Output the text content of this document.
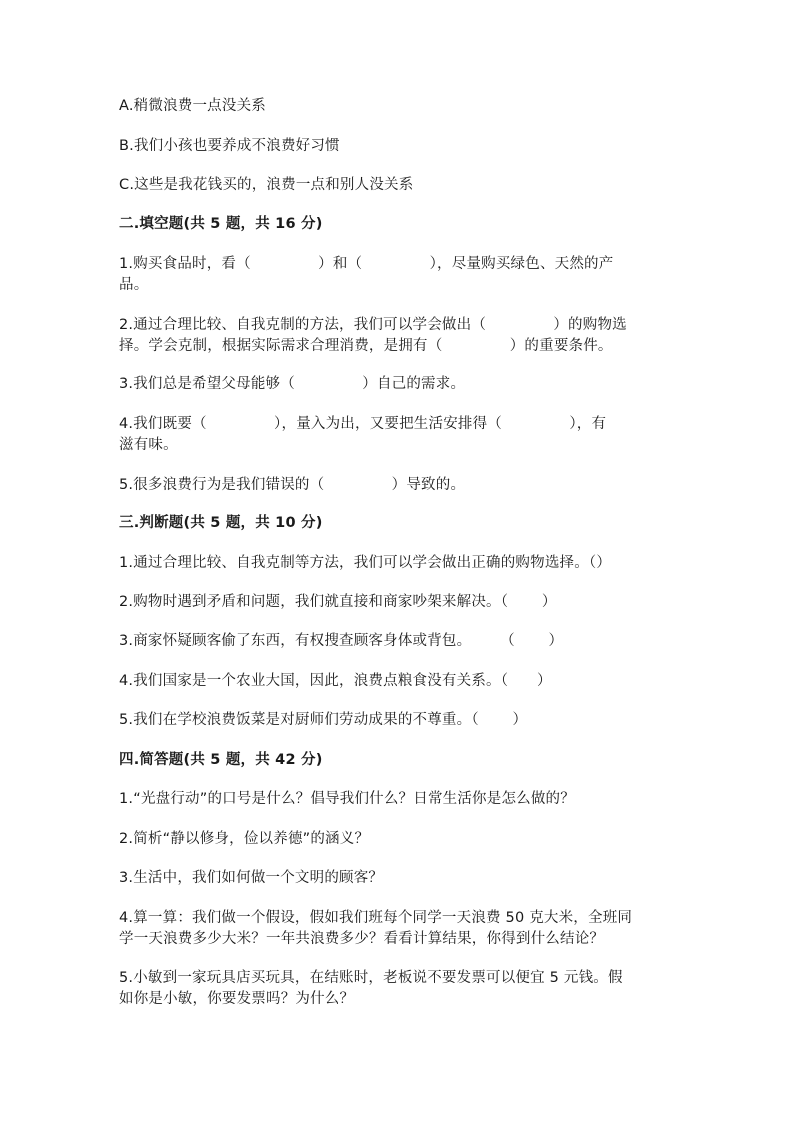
A.稍微浪费一点没关系
B.我们小孩也要养成不浪费好习惯
C.这些是我花钱买的，浪费一点和别人没关系
二.填空题(共 5 题，共 16 分)
1.购买食品时，看（              ）和（              ），尽量购买绿色、天然的产
品。
2.通过合理比较、自我克制的方法，我们可以学会做出（              ）的购物选
择。学会克制，根据实际需求合理消费，是拥有（              ）的重要条件。
3.我们总是希望父母能够（              ）自己的需求。
4.我们既要（              ），量入为出，又要把生活安排得（              ），有
滋有味。
5.很多浪费行为是我们错误的（              ）导致的。
三.判断题(共 5 题，共 10 分)
1.通过合理比较、自我克制等方法，我们可以学会做出正确的购物选择。（）
2.购物时遇到矛盾和问题，我们就直接和商家吵架来解决。（       ）
3.商家怀疑顾客偷了东西，有权搜查顾客身体或背包。      （       ）
4.我们国家是一个农业大国，因此，浪费点粮食没有关系。（      ）
5.我们在学校浪费饭菜是对厨师们劳动成果的不尊重。（       ）
四.简答题(共 5 题，共 42 分)
1.“光盘行动”的口号是什么？倡导我们什么？日常生活你是怎么做的？
2.简析“静以修身，俭以养德”的涵义？
3.生活中，我们如何做一个文明的顾客？
4.算一算：我们做一个假设，假如我们班每个同学一天浪费 50 克大米，全班同
学一天浪费多少大米？一年共浪费多少？看看计算结果，你得到什么结论？
5.小敏到一家玩具店买玩具，在结账时，老板说不要发票可以便宜 5 元钱。假
如你是小敏，你要发票吗？为什么？
